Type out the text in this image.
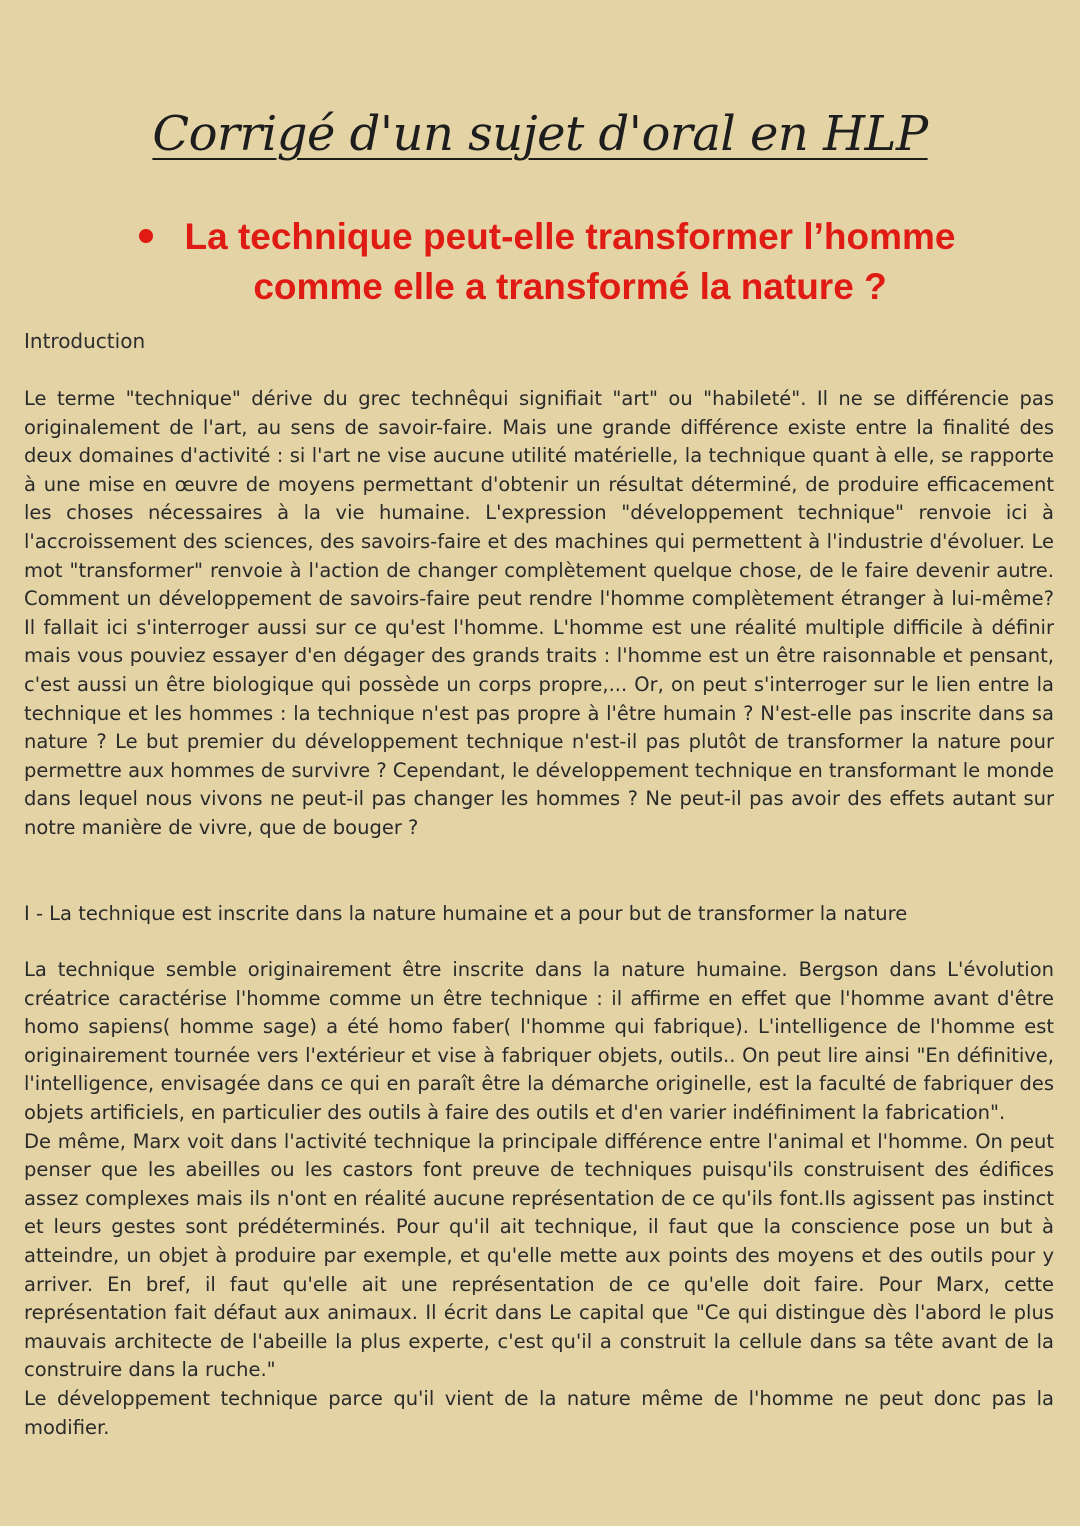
Corrigé d'un sujet d'oral en HLP
La technique peut-elle transformer l’homme comme elle a transformé la nature ?
Introduction

Le terme "technique" dérive du grec technêqui signifiait "art" ou "habileté". Il ne se différencie pas originalement de l'art, au sens de savoir-faire. Mais une grande différence existe entre la finalité des deux domaines d'activité : si l'art ne vise aucune utilité matérielle, la technique quant à elle, se rapporte à une mise en œuvre de moyens permettant d'obtenir un résultat déterminé, de produire efficacement les choses nécessaires à la vie humaine. L'expression "développement technique" renvoie ici à l'accroissement des sciences, des savoirs-faire et des machines qui permettent à l'industrie d'évoluer. Le mot "transformer" renvoie à l'action de changer complètement quelque chose, de le faire devenir autre. Comment un développement de savoirs-faire peut rendre l'homme complètement étranger à lui-même? Il fallait ici s'interroger aussi sur ce qu'est l'homme. L'homme est une réalité multiple difficile à définir mais vous pouviez essayer d'en dégager des grands traits : l'homme est un être raisonnable et pensant, c'est aussi un être biologique qui possède un corps propre,... Or, on peut s'interroger sur le lien entre la technique et les hommes : la technique n'est pas propre à l'être humain ? N'est-elle pas inscrite dans sa nature ? Le but premier du développement technique n'est-il pas plutôt de transformer la nature pour permettre aux hommes de survivre ? Cependant, le développement technique en transformant le monde dans lequel nous vivons ne peut-il pas changer les hommes ? Ne peut-il pas avoir des effets autant sur notre manière de vivre, que de bouger ?

I - La technique est inscrite dans la nature humaine et a pour but de transformer la nature

La technique semble originairement être inscrite dans la nature humaine. Bergson dans L'évolution créatrice caractérise l'homme comme un être technique : il affirme en effet que l'homme avant d'être homo sapiens( homme sage) a été homo faber( l'homme qui fabrique). L'intelligence de l'homme est originairement tournée vers l'extérieur et vise à fabriquer objets, outils.. On peut lire ainsi "En définitive, l'intelligence, envisagée dans ce qui en paraît être la démarche originelle, est la faculté de fabriquer des objets artificiels, en particulier des outils à faire des outils et d'en varier indéfiniment la fabrication".

De même, Marx voit dans l'activité technique la principale différence entre l'animal et l'homme. On peut penser que les abeilles ou les castors font preuve de techniques puisqu'ils construisent des édifices assez complexes mais ils n'ont en réalité aucune représentation de ce qu'ils font.Ils agissent pas instinct et leurs gestes sont prédéterminés. Pour qu'il ait technique, il faut que la conscience pose un but à atteindre, un objet à produire par exemple, et qu'elle mette aux points des moyens et des outils pour y arriver. En bref, il faut qu'elle ait une représentation de ce qu'elle doit faire. Pour Marx, cette représentation fait défaut aux animaux. Il écrit dans Le capital que "Ce qui distingue dès l'abord le plus mauvais architecte de l'abeille la plus experte, c'est qu'il a construit la cellule dans sa tête avant de la construire dans la ruche."

Le développement technique parce qu'il vient de la nature même de l'homme ne peut donc pas la modifier.
